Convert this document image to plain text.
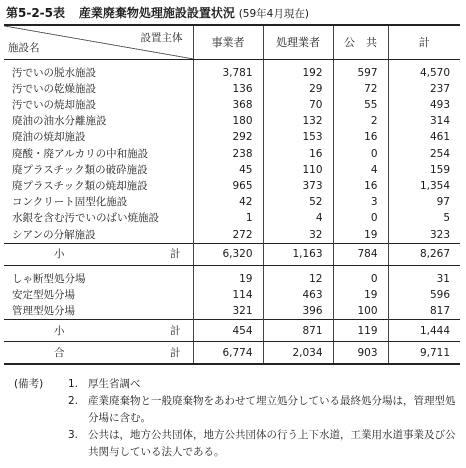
第5-2-5表 産業廃棄物処理施設設置状況 (59年4月現在)
設置主体
施設名	事業者	処理業者	公　共	計
汚でいの脱水施設	3,781	192	597	4,570
汚でいの乾燥施設	136	29	72	237
汚でいの焼却施設	368	70	55	493
廃油の油水分離施設	180	132	2	314
廃油の焼却施設	292	153	16	461
廃酸・廃アルカリの中和施設	238	16	0	254
廃プラスチック類の破砕施設	45	110	4	159
廃プラスチック類の焼却施設	965	373	16	1,354
コンクリート固型化施設	42	52	3	97
水銀を含む汚でいのばい焼施設	1	4	0	5
シアンの分解施設	272	32	19	323

小 計	6,320	1,163	784	8,267
しゃ断型処分場	19	12	0	31
安定型処分場	114	463	19	596
管理型処分場	321	396	100	817

小 計	454	871	119	1,444

合 計	6,774	2,034	903	9,711
(備考)	1. 厚生省調べ
2. 産業廃棄物と一般廃棄物をあわせて埋立処分している最終処分場は，管理型処分場に含む。
3. 公共は，地方公共団体，地方公共団体の行う上下水道，工業用水道事業及び公共関与している法人である。
